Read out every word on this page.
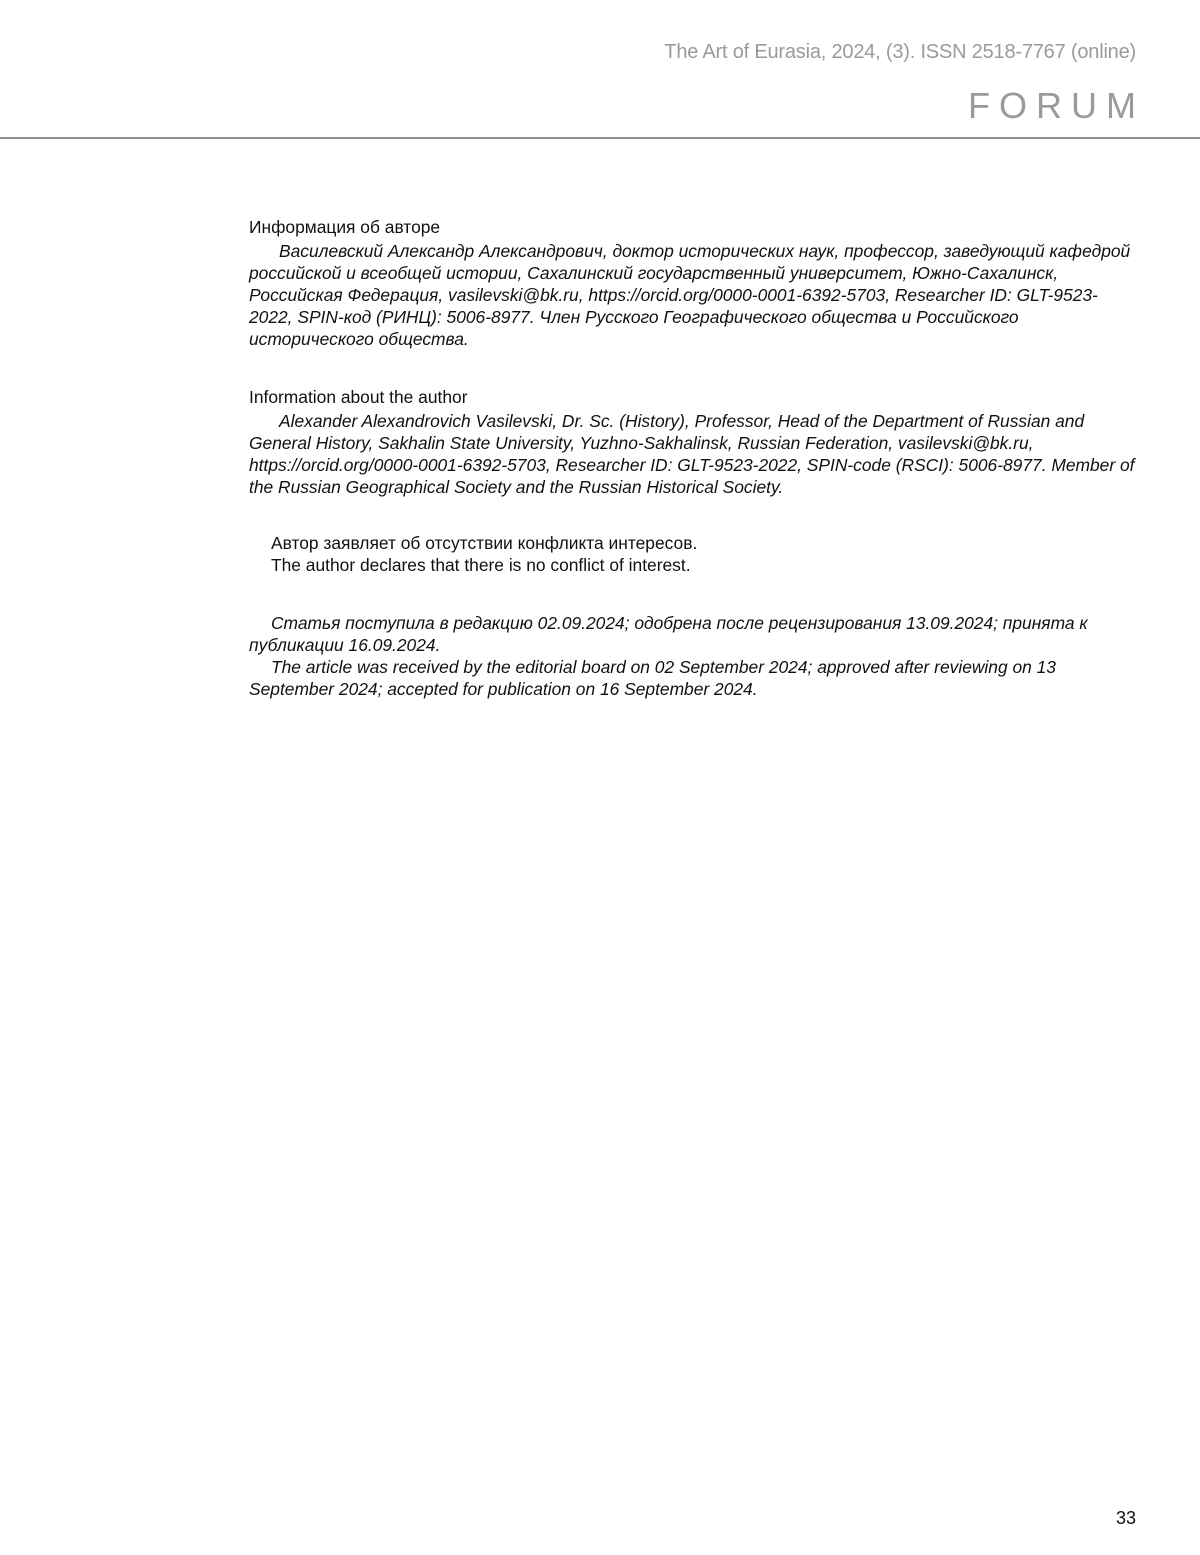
The Art of Eurasia, 2024, (3). ISSN 2518-7767 (online)
FORUM
Информация об авторе

Василевский Александр Александрович, доктор исторических наук, профессор, заведующий кафедрой российской и всеобщей истории, Сахалинский государственный университет, Южно-Сахалинск, Российская Федерация, vasilevski@bk.ru, https://orcid.org/0000-0001-6392-5703, Researcher ID: GLT-9523-2022, SPIN-код (РИНЦ): 5006-8977. Член Русского Географического общества и Российского исторического общества.

Information about the author

Alexander Alexandrovich Vasilevski, Dr. Sc. (History), Professor, Head of the Department of Russian and General History, Sakhalin State University, Yuzhno-Sakhalinsk, Russian Federation, vasilevski@bk.ru, https://orcid.org/0000-0001-6392-5703, Researcher ID: GLT-9523-2022, SPIN-code (RSCI): 5006-8977. Member of the Russian Geographical Society and the Russian Historical Society.

Автор заявляет об отсутствии конфликта интересов.

The author declares that there is no conflict of interest.

Статья поступила в редакцию 02.09.2024; одобрена после рецензирования 13.09.2024; принята к публикации 16.09.2024.

The article was received by the editorial board on 02 September 2024; approved after reviewing on 13 September 2024; accepted for publication on 16 September 2024.

33
